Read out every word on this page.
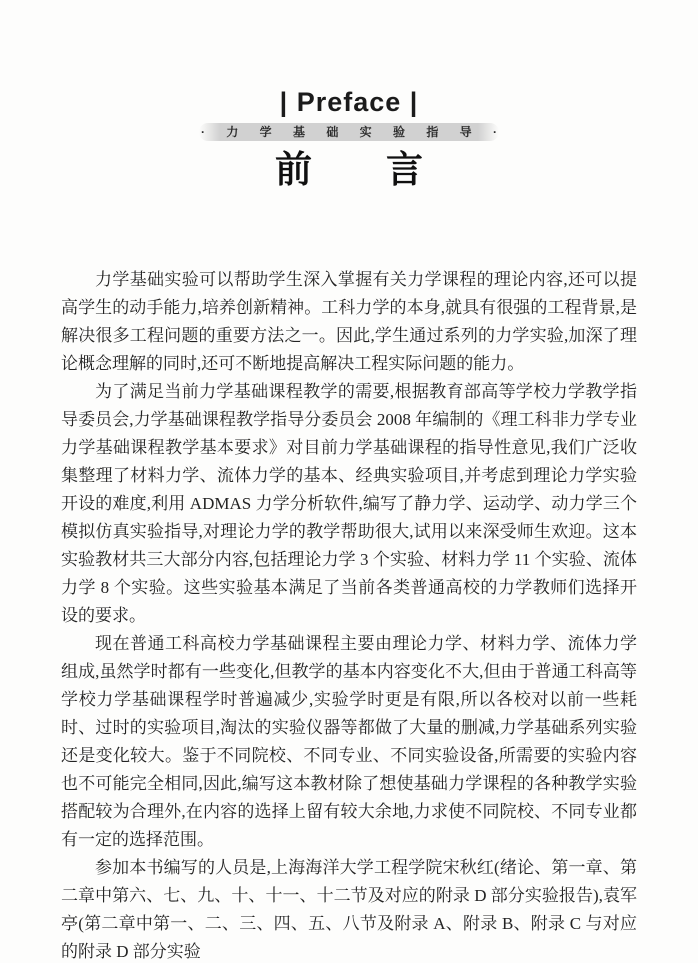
| Preface |
· 力 学 基 础 实 验 指 导 ·
前　　言

力学基础实验可以帮助学生深入掌握有关力学课程的理论内容,还可以提高学生的动手能力,培养创新精神。工科力学的本身,就具有很强的工程背景,是解决很多工程问题的重要方法之一。因此,学生通过系列的力学实验,加深了理论概念理解的同时,还可不断地提高解决工程实际问题的能力。

为了满足当前力学基础课程教学的需要,根据教育部高等学校力学教学指导委员会,力学基础课程教学指导分委员会 2008 年编制的《理工科非力学专业力学基础课程教学基本要求》对目前力学基础课程的指导性意见,我们广泛收集整理了材料力学、流体力学的基本、经典实验项目,并考虑到理论力学实验开设的难度,利用 ADMAS 力学分析软件,编写了静力学、运动学、动力学三个模拟仿真实验指导,对理论力学的教学帮助很大,试用以来深受师生欢迎。这本实验教材共三大部分内容,包括理论力学 3 个实验、材料力学 11 个实验、流体力学 8 个实验。这些实验基本满足了当前各类普通高校的力学教师们选择开设的要求。

现在普通工科高校力学基础课程主要由理论力学、材料力学、流体力学组成,虽然学时都有一些变化,但教学的基本内容变化不大,但由于普通工科高等学校力学基础课程学时普遍减少,实验学时更是有限,所以各校对以前一些耗时、过时的实验项目,淘汰的实验仪器等都做了大量的删减,力学基础系列实验还是变化较大。鉴于不同院校、不同专业、不同实验设备,所需要的实验内容也不可能完全相同,因此,编写这本教材除了想使基础力学课程的各种教学实验搭配较为合理外,在内容的选择上留有较大余地,力求使不同院校、不同专业都有一定的选择范围。

参加本书编写的人员是,上海海洋大学工程学院宋秋红(绪论、第一章、第二章中第六、七、九、十、十一、十二节及对应的附录 D 部分实验报告),袁军亭(第二章中第一、二、三、四、五、八节及附录 A、附录 B、附录 C 与对应的附录 D 部分实验
